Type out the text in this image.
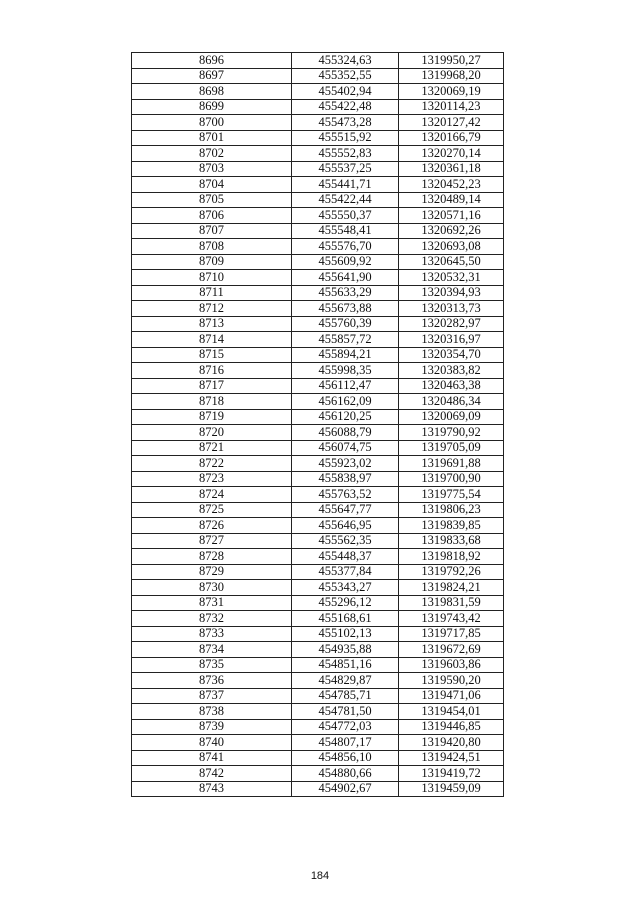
8696	455324,63	1319950,27
8697	455352,55	1319968,20
8698	455402,94	1320069,19
8699	455422,48	1320114,23
8700	455473,28	1320127,42
8701	455515,92	1320166,79
8702	455552,83	1320270,14
8703	455537,25	1320361,18
8704	455441,71	1320452,23
8705	455422,44	1320489,14
8706	455550,37	1320571,16
8707	455548,41	1320692,26
8708	455576,70	1320693,08
8709	455609,92	1320645,50
8710	455641,90	1320532,31
8711	455633,29	1320394,93
8712	455673,88	1320313,73
8713	455760,39	1320282,97
8714	455857,72	1320316,97
8715	455894,21	1320354,70
8716	455998,35	1320383,82
8717	456112,47	1320463,38
8718	456162,09	1320486,34
8719	456120,25	1320069,09
8720	456088,79	1319790,92
8721	456074,75	1319705,09
8722	455923,02	1319691,88
8723	455838,97	1319700,90
8724	455763,52	1319775,54
8725	455647,77	1319806,23
8726	455646,95	1319839,85
8727	455562,35	1319833,68
8728	455448,37	1319818,92
8729	455377,84	1319792,26
8730	455343,27	1319824,21
8731	455296,12	1319831,59
8732	455168,61	1319743,42
8733	455102,13	1319717,85
8734	454935,88	1319672,69
8735	454851,16	1319603,86
8736	454829,87	1319590,20
8737	454785,71	1319471,06
8738	454781,50	1319454,01
8739	454772,03	1319446,85
8740	454807,17	1319420,80
8741	454856,10	1319424,51
8742	454880,66	1319419,72
8743	454902,67	1319459,09
184
